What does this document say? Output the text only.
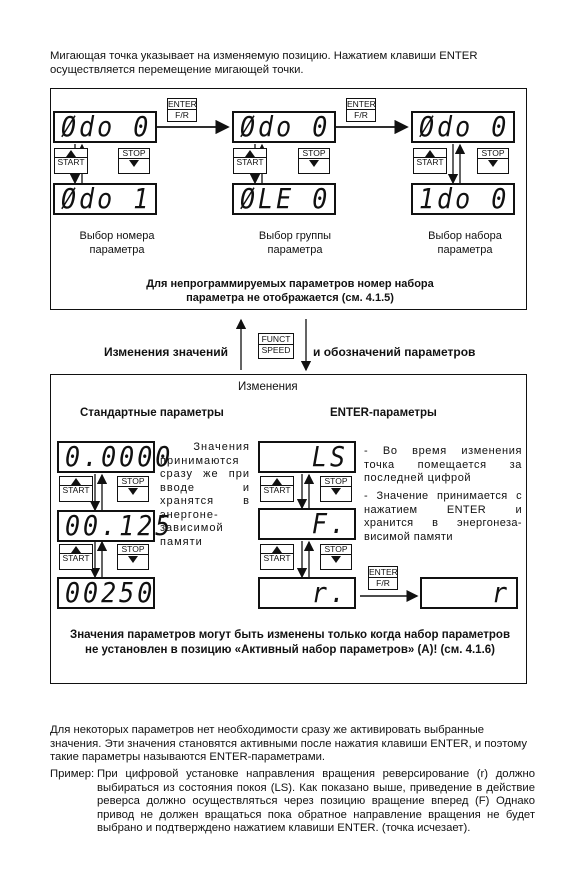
Мигающая точка указывает на изменяемую позицию. Нажатием клавиши ENTER осуществляется перемещение мигающей точки.
Ødo 0	Ødo 0	Ødo 0
ENTER
F/R
ENTER
F/R
START
STOP
START
STOP
START
STOP
Ødo 1	ØLE 0	1do 0
Выбор номера параметра
Выбор группы параметра
Выбор набора параметра
Для непрограммируемых параметров номер набора параметра не отображается (см. 4.1.5)
Изменения значений
FUNCT
SPEED и обозначений параметров
Изменения
Стандартные параметры	ENTER-параметры
0.0000
START
STOP
00.125
START
STOP
00250
- Значения принимаются сразу же при вводе и хранятся в энергоне-зависимой памяти
LS
START
STOP
F.
START
STOP
r.
ENTER
F/R	r
- Во время изменения точка помещается за последней цифрой
- Значение принимается с нажатием ENTER и хранится в энергонеза-висимой памяти
Значения параметров могут быть изменены только когда набор параметров не установлен в позицию «Активный набор параметров» (A)! (см. 4.1.6)
Для некоторых параметров нет необходимости сразу же активировать выбранные значения. Эти значения становятся активными после нажатия клавиши ENTER, и поэтому такие параметры называются ENTER-параметрами.
Пример: При цифровой установке направления вращения реверсирование (r) должно выбираться из состояния покоя (LS). Как показано выше, приведение в действие реверса должно осуществляться через позицию вращение вперед (F) Однако привод не должен вращаться пока обратное направление вращения не будет выбрано и подтверждено нажатием клавиши ENTER. (точка исчезает).
